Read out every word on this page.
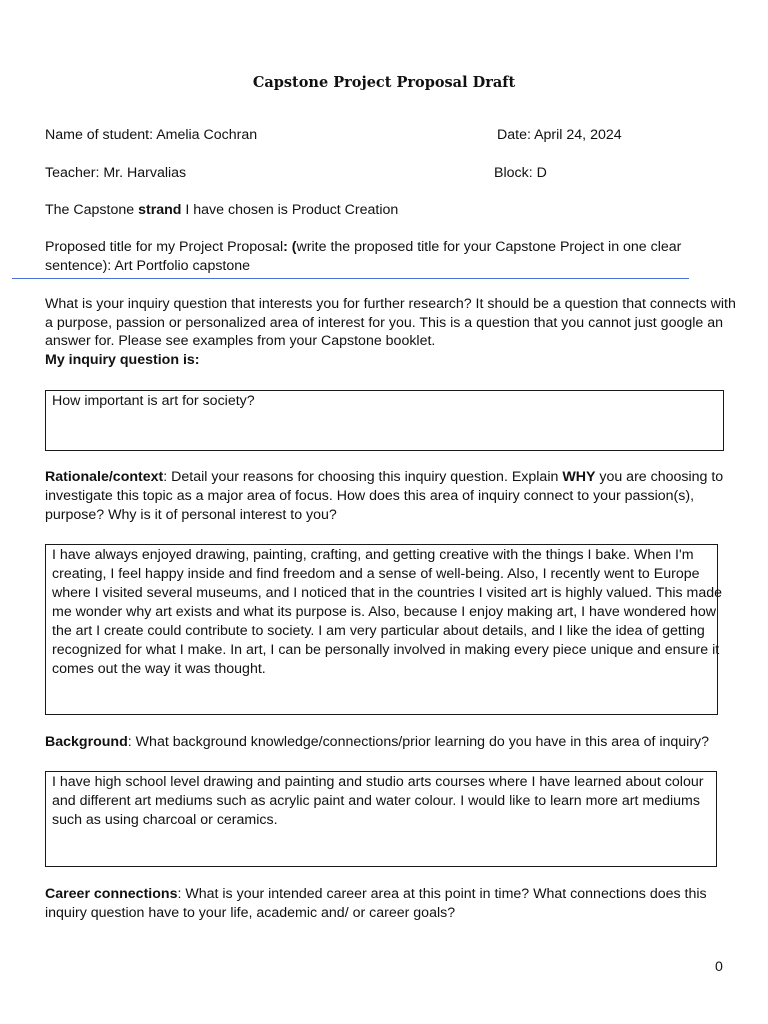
Capstone Project Proposal Draft
Name of student: Amelia Cochran	Date: April 24, 2024
Teacher: Mr. Harvalias	Block: D
The Capstone strand I have chosen is Product Creation
Proposed title for my Project Proposal: (write the proposed title for your Capstone Project in one clear
sentence): Art Portfolio capstone
What is your inquiry question that interests you for further research? It should be a question that connects with
a purpose, passion or personalized area of interest for you. This is a question that you cannot just google an
answer for. Please see examples from your Capstone booklet.
My inquiry question is:
How important is art for society?
Rationale/context: Detail your reasons for choosing this inquiry question. Explain WHY you are choosing to
investigate this topic as a major area of focus. How does this area of inquiry connect to your passion(s),
purpose? Why is it of personal interest to you?
I have always enjoyed drawing, painting, crafting, and getting creative with the things I bake. When I'm
creating, I feel happy inside and find freedom and a sense of well-being. Also, I recently went to Europe
where I visited several museums, and I noticed that in the countries I visited art is highly valued. This made
me wonder why art exists and what its purpose is. Also, because I enjoy making art, I have wondered how
the art I create could contribute to society. I am very particular about details, and I like the idea of getting
recognized for what I make. In art, I can be personally involved in making every piece unique and ensure it
comes out the way it was thought.
Background: What background knowledge/connections/prior learning do you have in this area of inquiry?
I have high school level drawing and painting and studio arts courses where I have learned about colour
and different art mediums such as acrylic paint and water colour. I would like to learn more art mediums
such as using charcoal or ceramics.
Career connections: What is your intended career area at this point in time? What connections does this
inquiry question have to your life, academic and/ or career goals?
0
